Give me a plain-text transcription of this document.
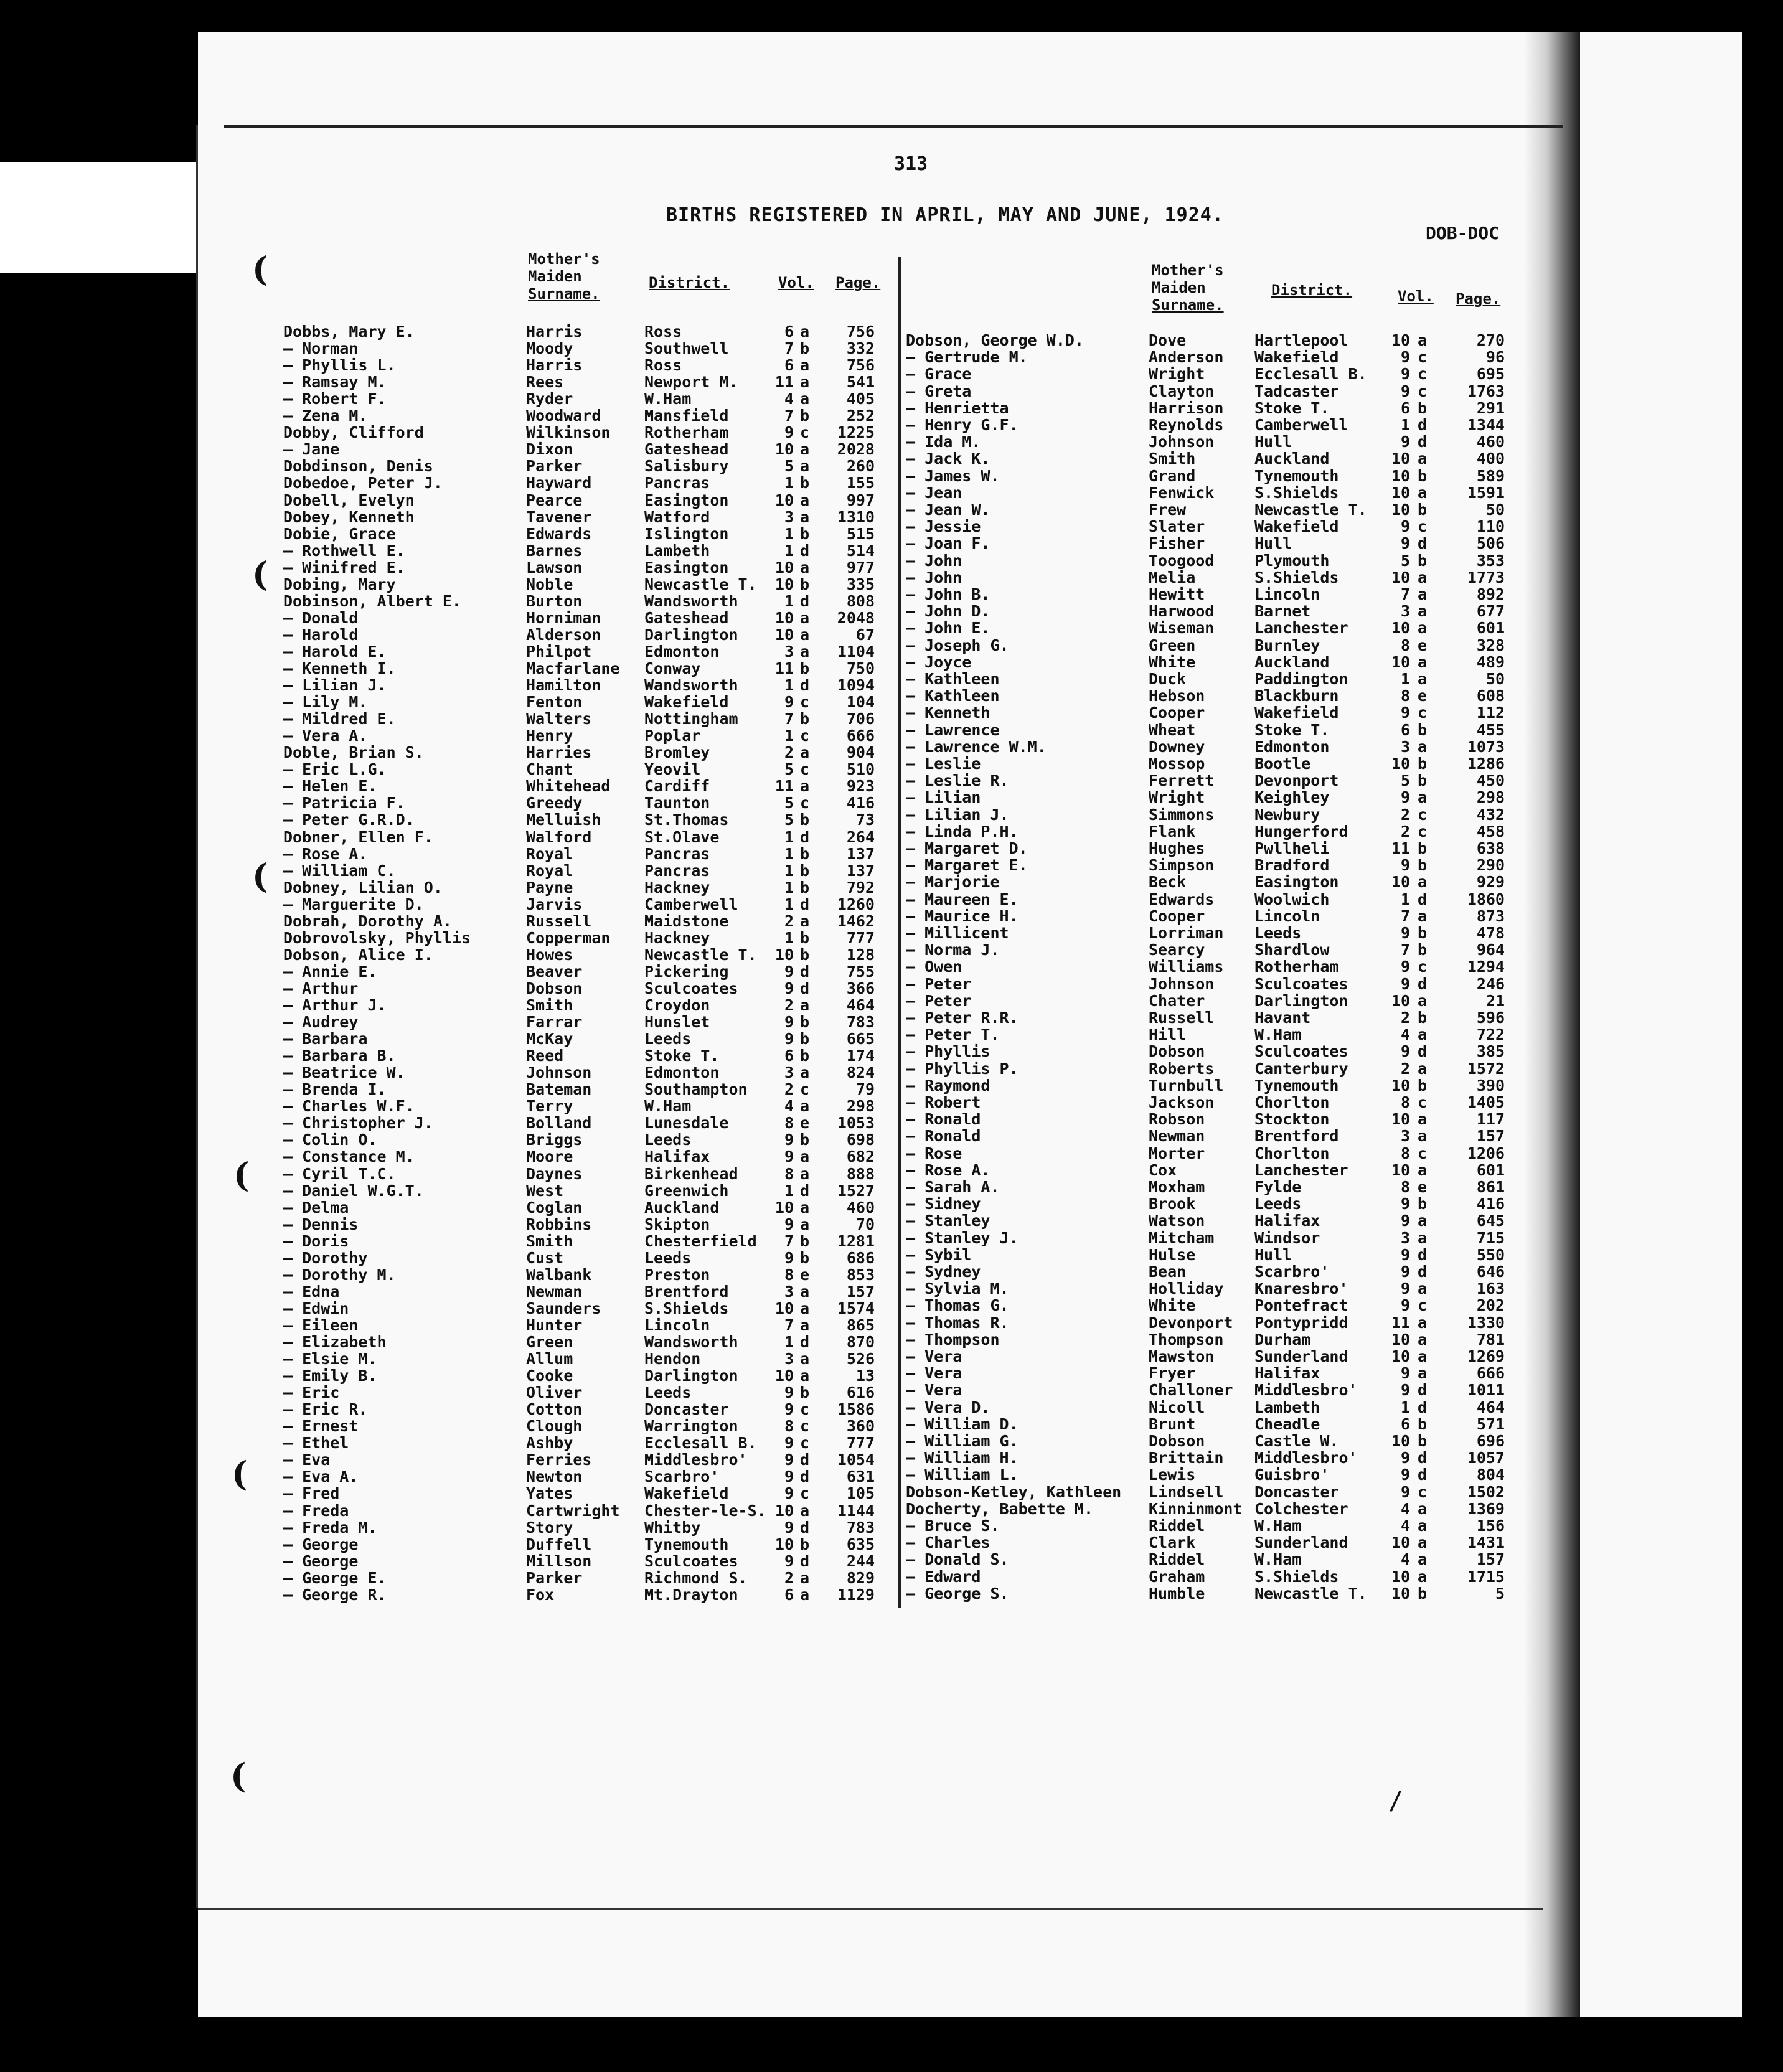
(
(
(
(
(
(
313
BIRTHS REGISTERED IN APRIL, MAY AND JUNE, 1924.
DOB-DOC
Mother's
Maiden
Surname.
District.	Vol. Page.
Mother's
Maiden
Surname.
District.	Vol. Page.
Dobbs, Mary E.	Harris	Ross	6 a 756
— Norman	Moody	Southwell	7 b 332
— Phyllis L.	Harris	Ross	6 a 756
— Ramsay M.	Rees	Newport M. 11 a 541
— Robert F.	Ryder	W.Ham	4 a 405
— Zena M.	Woodward	Mansfield	7 b 252
Dobby, Clifford	Wilkinson Rotherham	9 c 1225
— Jane	Dixon	Gateshead	10 a 2028
Dobdinson, Denis	Parker	Salisbury	5 a 260
Dobedoe, Peter J.	Hayward	Pancras	1 b 155
Dobell, Evelyn	Pearce	Easington	10 a 997
Dobey, Kenneth	Tavener	Watford	3 a 1310
Dobie, Grace	Edwards	Islington	1 b 515
— Rothwell E.	Barnes	Lambeth	1 d 514
— Winifred E.	Lawson	Easington	10 a 977
Dobing, Mary	Noble	Newcastle T. 10 b 335
Dobinson, Albert E.	Burton	Wandsworth	1 d 808
— Donald	Horniman	Gateshead	10 a 2048
— Harold	Alderson	Darlington 10 a	67
— Harold E.	Philpot	Edmonton	3 a 1104
— Kenneth I.	Macfarlane Conway	11 b 750
— Lilian J.	Hamilton	Wandsworth	1 d 1094
— Lily M.	Fenton	Wakefield	9 c 104
— Mildred E.	Walters	Nottingham	7 b 706
— Vera A.	Henry	Poplar	1 c 666
Doble, Brian S.	Harries	Bromley	2 a 904
— Eric L.G.	Chant	Yeovil	5 c 510
— Helen E.	Whitehead Cardiff	11 a 923
— Patricia F.	Greedy	Taunton	5 c 416
— Peter G.R.D.	Melluish	St.Thomas	5 b	73
Dobner, Ellen F.	Walford	St.Olave	1 d 264
— Rose A.	Royal	Pancras	1 b 137
— William C.	Royal	Pancras	1 b 137
Dobney, Lilian O.	Payne	Hackney	1 b 792
— Marguerite D.	Jarvis	Camberwell	1 d 1260
Dobrah, Dorothy A.	Russell	Maidstone	2 a 1462
Dobrovolsky, Phyllis	Copperman Hackney	1 b 777
Dobson, Alice I.	Howes	Newcastle T. 10 b 128
— Annie E.	Beaver	Pickering	9 d 755
— Arthur	Dobson	Sculcoates	9 d 366
— Arthur J.	Smith	Croydon	2 a 464
— Audrey	Farrar	Hunslet	9 b 783
— Barbara	McKay	Leeds	9 b 665
— Barbara B.	Reed	Stoke T.	6 b 174
— Beatrice W.	Johnson	Edmonton	3 a 824
— Brenda I.	Bateman	Southampton 2 c	79
— Charles W.F.	Terry	W.Ham	4 a 298
— Christopher J.	Bolland	Lunesdale	8 e 1053
— Colin O.	Briggs	Leeds	9 b 698
— Constance M.	Moore	Halifax	9 a 682
— Cyril T.C.	Daynes	Birkenhead	8 a 888
— Daniel W.G.T.	West	Greenwich	1 d 1527
— Delma	Coglan	Auckland	10 a 460
— Dennis	Robbins	Skipton	9 a	70
— Doris	Smith	Chesterfield 7 b 1281
— Dorothy	Cust	Leeds	9 b 686
— Dorothy M.	Walbank	Preston	8 e 853
— Edna	Newman	Brentford	3 a 157
— Edwin	Saunders	S.Shields	10 a 1574
— Eileen	Hunter	Lincoln	7 a 865
— Elizabeth	Green	Wandsworth	1 d 870
— Elsie M.	Allum	Hendon	3 a 526
— Emily B.	Cooke	Darlington 10 a	13
— Eric	Oliver	Leeds	9 b 616
— Eric R.	Cotton	Doncaster	9 c 1586
— Ernest	Clough	Warrington	8 c 360
— Ethel	Ashby	Ecclesall B. 9 c 777
— Eva	Ferries	Middlesbro' 9 d 1054
— Eva A.	Newton	Scarbro'	9 d 631
— Fred	Yates	Wakefield	9 c 105
— Freda	Cartwright Chester-le-S. 10 a 1144
— Freda M.	Story	Whitby	9 d 783
— George	Duffell	Tynemouth	10 b 635
— George	Millson	Sculcoates	9 d 244
— George E.	Parker	Richmond S. 2 a 829
— George R.	Fox	Mt.Drayton	6 a 1129
Dobson, George W.D.	Dove	Hartlepool	10 a	270
— Gertrude M.	Anderson Wakefield	9 c	96
— Grace	Wright	Ecclesall B. 9 c	695
— Greta	Clayton	Tadcaster	9 c	1763
— Henrietta	Harrison Stoke T.	6 b	291
— Henry G.F.	Reynolds Camberwell	1 d	1344
— Ida M.	Johnson	Hull	9 d	460
— Jack K.	Smith	Auckland	10 a	400
— James W.	Grand	Tynemouth	10 b	589
— Jean	Fenwick	S.Shields	10 a	1591
— Jean W.	Frew	Newcastle T. 10 b	50
— Jessie	Slater	Wakefield	9 c	110
— Joan F.	Fisher	Hull	9 d	506
— John	Toogood	Plymouth	5 b	353
— John	Melia	S.Shields	10 a	1773
— John B.	Hewitt	Lincoln	7 a	892
— John D.	Harwood	Barnet	3 a	677
— John E.	Wiseman	Lanchester	10 a	601
— Joseph G.	Green	Burnley	8 e	328
— Joyce	White	Auckland	10 a	489
— Kathleen	Duck	Paddington	1 a	50
— Kathleen	Hebson	Blackburn	8 e	608
— Kenneth	Cooper	Wakefield	9 c	112
— Lawrence	Wheat	Stoke T.	6 b	455
— Lawrence W.M.	Downey	Edmonton	3 a	1073
— Leslie	Mossop	Bootle	10 b	1286
— Leslie R.	Ferrett	Devonport	5 b	450
— Lilian	Wright	Keighley	9 a	298
— Lilian J.	Simmons	Newbury	2 c	432
— Linda P.H.	Flank	Hungerford	2 c	458
— Margaret D.	Hughes	Pwllheli	11 b	638
— Margaret E.	Simpson	Bradford	9 b	290
— Marjorie	Beck	Easington	10 a	929
— Maureen E.	Edwards	Woolwich	1 d	1860
— Maurice H.	Cooper	Lincoln	7 a	873
— Millicent	Lorriman Leeds	9 b	478
— Norma J.	Searcy	Shardlow	7 b	964
— Owen	Williams Rotherham	9 c	1294
— Peter	Johnson	Sculcoates	9 d	246
— Peter	Chater	Darlington	10 a	21
— Peter R.R.	Russell	Havant	2 b	596
— Peter T.	Hill	W.Ham	4 a	722
— Phyllis	Dobson	Sculcoates	9 d	385
— Phyllis P.	Roberts	Canterbury	2 a	1572
— Raymond	Turnbull Tynemouth	10 b	390
— Robert	Jackson	Chorlton	8 c	1405
— Ronald	Robson	Stockton	10 a	117
— Ronald	Newman	Brentford	3 a	157
— Rose	Morter	Chorlton	8 c	1206
— Rose A.	Cox	Lanchester	10 a	601
— Sarah A.	Moxham	Fylde	8 e	861
— Sidney	Brook	Leeds	9 b	416
— Stanley	Watson	Halifax	9 a	645
— Stanley J.	Mitcham	Windsor	3 a	715
— Sybil	Hulse	Hull	9 d	550
— Sydney	Bean	Scarbro'	9 d	646
— Sylvia M.	Holliday Knaresbro'	9 a	163
— Thomas G.	White	Pontefract	9 c	202
— Thomas R.	Devonport Pontypridd	11 a	1330
— Thompson	Thompson Durham	10 a	781
— Vera	Mawston	Sunderland	10 a	1269
— Vera	Fryer	Halifax	9 a	666
— Vera	Challoner Middlesbro'	9 d	1011
— Vera D.	Nicoll	Lambeth	1 d	464
— William D.	Brunt	Cheadle	6 b	571
— William G.	Dobson	Castle W.	10 b	696
— William H.	Brittain Middlesbro'	9 d	1057
— William L.	Lewis	Guisbro'	9 d	804
Dobson-Ketley, Kathleen Lindsell Doncaster	9 c	1502
Docherty, Babette M.	Kinninmont Colchester	4 a	1369
— Bruce S.	Riddel	W.Ham	4 a	156
— Charles	Clark	Sunderland	10 a	1431
— Donald S.	Riddel	W.Ham	4 a	157
— Edward	Graham	S.Shields	10 a	1715
— George S.	Humble	Newcastle T. 10 b	5
/
